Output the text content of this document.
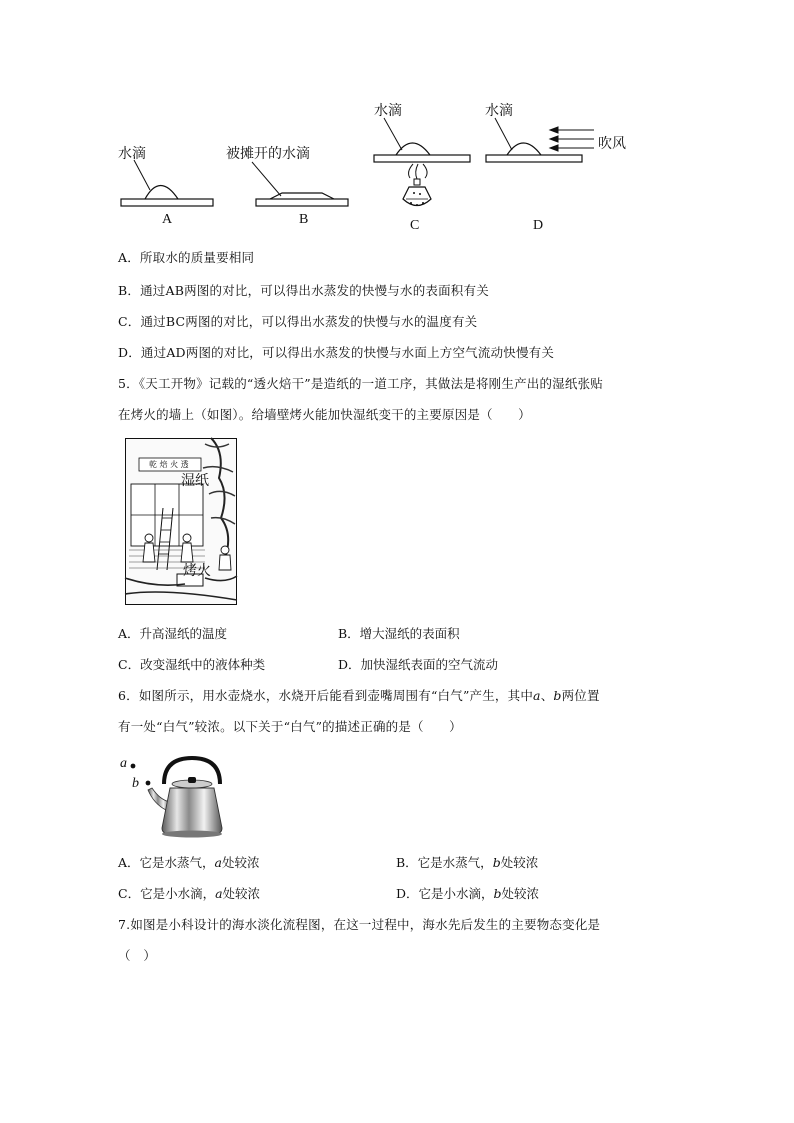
水滴
A
被摊开的水滴
B
水滴
C
水滴
吹风
D
A．所取水的质量要相同
B．通过AB两图的对比，可以得出水蒸发的快慢与水的表面积有关
C．通过BC两图的对比，可以得出水蒸发的快慢与水的温度有关
D．通过AD两图的对比，可以得出水蒸发的快慢与水面上方空气流动快慢有关
5．《天工开物》记载的“透火焙干”是造纸的一道工序，其做法是将刚生产出的湿纸张贴
在烤火的墙上（如图）。给墙壁烤火能加快湿纸变干的主要原因是（　　）
乾 焙 火 透
湿纸
烤火
A．升高湿纸的温度	B．增大湿纸的表面积
C．改变湿纸中的液体种类	D．加快湿纸表面的空气流动
6．如图所示，用水壶烧水，水烧开后能看到壶嘴周围有“白气”产生，其中a、b两位置
有一处“白气”较浓。以下关于“白气”的描述正确的是（　　）
a
b
A．它是水蒸气，a处较浓	B．它是水蒸气，b处较浓
C．它是小水滴，a处较浓	D．它是小水滴，b处较浓
7.如图是小科设计的海水淡化流程图，在这一过程中，海水先后发生的主要物态变化是
（　）
